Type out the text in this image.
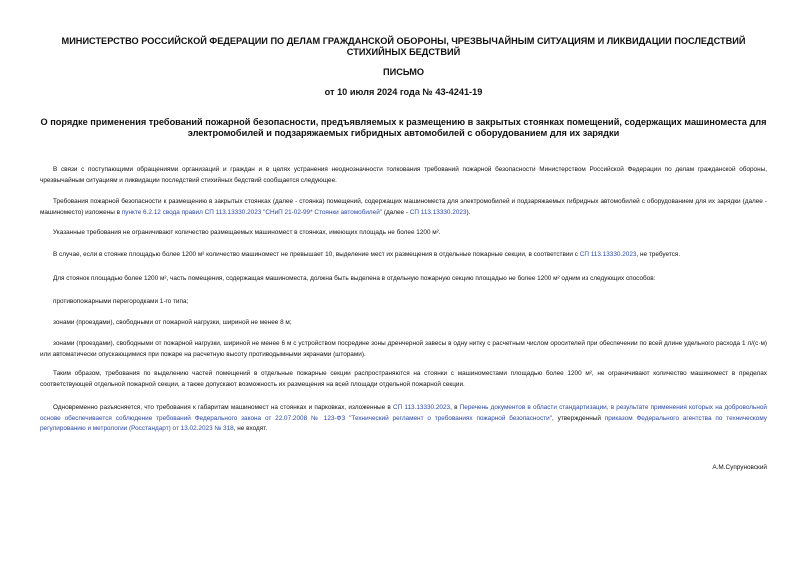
МИНИСТЕРСТВО РОССИЙСКОЙ ФЕДЕРАЦИИ ПО ДЕЛАМ ГРАЖДАНСКОЙ ОБОРОНЫ, ЧРЕЗВЫЧАЙНЫМ СИТУАЦИЯМ И ЛИКВИДАЦИИ ПОСЛЕДСТВИЙ СТИХИЙНЫХ БЕДСТВИЙ
ПИСЬМО
от 10 июля 2024 года № 43-4241-19
О порядке применения требований пожарной безопасности, предъявляемых к размещению в закрытых стоянках помещений, содержащих машиноместа для электромобилей и подзаряжаемых гибридных автомобилей с оборудованием для их зарядки
В связи с поступающими обращениями организаций и граждан и в целях устранения неоднозначности толкования требований пожарной безопасности Министерством Российской Федерации по делам гражданской обороны, чрезвычайным ситуациям и ликвидации последствий стихийных бедствий сообщается следующее.
Требования пожарной безопасности к размещению в закрытых стоянках (далее - стоянка) помещений, содержащих машиноместа для электромобилей и подзаряжаемых гибридных автомобилей с оборудованием для их зарядки (далее - машиноместо) изложены в пункте 6.2.12 свода правил СП 113.13330.2023 "СНиП 21-02-99* Стоянки автомобилей" (далее - СП 113.13330.2023).
Указанные требования не ограничивают количество размещаемых машиномест в стоянках, имеющих площадь не более 1200 м².
В случае, если в стоянке площадью более 1200 м² количество машиномест не превышает 10, выделение мест их размещения в отдельные пожарные секции, в соответствии с СП 113.13330.2023, не требуется.
Для стоянок площадью более 1200 м², часть помещения, содержащая машиноместа, должна быть выделена в отдельную пожарную секцию площадью не более 1200 м² одним из следующих способов:
противопожарными перегородками 1-го типа;
зонами (проездами), свободными от пожарной нагрузки, шириной не менее 8 м;
зонами (проездами), свободными от пожарной нагрузки, шириной не менее 6 м с устройством посредине зоны дренчерной завесы в одну нитку с расчетным числом оросителей при обеспечении по всей длине удельного расхода 1 л/(с·м) или автоматически опускающимися при пожаре на расчетную высоту противодымными экранами (шторами).
Таким образом, требования по выделению частей помещений в отдельные пожарные секции распространяются на стоянки с машиноместами площадью более 1200 м², не ограничивают количество машиномест в пределах соответствующей отдельной пожарной секции, а также допускают возможность их размещения на всей площади отдельной пожарной секции.
Одновременно разъясняется, что требования к габаритам машиномест на стоянках и парковках, изложенные в СП 113.13330.2023, в Перечень документов в области стандартизации, в результате применения которых на добровольной основе обеспечивается соблюдение требований Федерального закона от 22.07.2008 № 123-ФЗ "Технический регламент о требованиях пожарной безопасности", утвержденный приказом Федерального агентства по техническому регулированию и метрологии (Росстандарт) от 13.02.2023 № 318, не входят.
А.М.Супруновский
